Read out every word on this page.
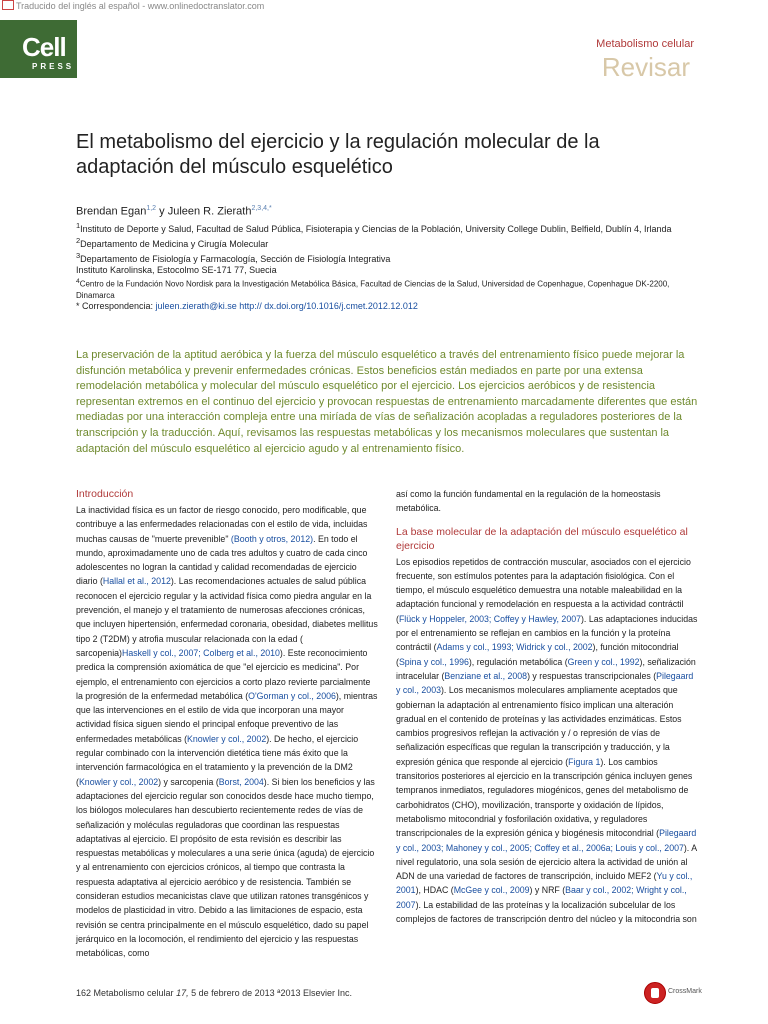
Traducido del inglés al español - www.onlinedoctranslator.com
Cell
PRESS
Metabolismo celular
Revisar
El metabolismo del ejercicio y la regulación molecular de la adaptación del músculo esquelético
Brendan Egan$^{1,2}$ y Juleen R. Zierath$^{2,3,4,*}$
$^1$Instituto de Deporte y Salud, Facultad de Salud Pública, Fisioterapia y Ciencias de la Población, University College Dublin, Belfield, Dublín 4, Irlanda
$^2$Departamento de Medicina y Cirugía Molecular
$^3$Departamento de Fisiología y Farmacología, Sección de Fisiología Integrativa
Instituto Karolinska, Estocolmo SE-171 77, Suecia
$^4$Centro de la Fundación Novo Nordisk para la Investigación Metabólica Básica, Facultad de Ciencias de la Salud, Universidad de Copenhague, Copenhague DK-2200, Dinamarca
* Correspondencia: juleen.zierath@ki.se http:// dx.doi.org/10.1016/j.cmet.2012.12.012
La preservación de la aptitud aeróbica y la fuerza del músculo esquelético a través del entrenamiento físico puede mejorar la disfunción metabólica y prevenir enfermedades crónicas. Estos beneficios están mediados en parte por una extensa remodelación metabólica y molecular del músculo esquelético por el ejercicio. Los ejercicios aeróbicos y de resistencia representan extremos en el continuo del ejercicio y provocan respuestas de entrenamiento marcadamente diferentes que están mediadas por una interacción compleja entre una miríada de vías de señalización acopladas a reguladores posteriores de la transcripción y la traducción. Aquí, revisamos las respuestas metabólicas y los mecanismos moleculares que sustentan la adaptación del músculo esquelético al ejercicio agudo y al entrenamiento físico.
Introducción

La inactividad física es un factor de riesgo conocido, pero modificable, que contribuye a las enfermedades relacionadas con el estilo de vida, incluidas muchas causas de "muerte prevenible" (Booth y otros, 2012). En todo el mundo, aproximadamente uno de cada tres adultos y cuatro de cada cinco adolescentes no logran la cantidad y calidad recomendadas de ejercicio diario (Hallal et al., 2012). Las recomendaciones actuales de salud pública reconocen el ejercicio regular y la actividad física como piedra angular en la prevención, el manejo y el tratamiento de numerosas afecciones crónicas, que incluyen hipertensión, enfermedad coronaria, obesidad, diabetes mellitus tipo 2 (T2DM) y atrofia muscular relacionada con la edad ( sarcopenia)Haskell y col., 2007; Colberg et al., 2010). Este reconocimiento predica la comprensión axiomática de que "el ejercicio es medicina". Por ejemplo, el entrenamiento con ejercicios a corto plazo revierte parcialmente la progresión de la enfermedad metabólica (O'Gorman y col., 2006), mientras que las intervenciones en el estilo de vida que incorporan una mayor actividad física siguen siendo el principal enfoque preventivo de las enfermedades metabólicas (Knowler y col., 2002). De hecho, el ejercicio regular combinado con la intervención dietética tiene más éxito que la intervención farmacológica en el tratamiento y la prevención de la DM2 (Knowler y col., 2002) y sarcopenia (Borst, 2004). Si bien los beneficios y las adaptaciones del ejercicio regular son conocidos desde hace mucho tiempo, los biólogos moleculares han descubierto recientemente redes de vías de señalización y moléculas reguladoras que coordinan las respuestas adaptativas al ejercicio. El propósito de esta revisión es describir las respuestas metabólicas y moleculares a una serie única (aguda) de ejercicio y al entrenamiento con ejercicios crónicos, al tiempo que contrasta la respuesta adaptativa al ejercicio aeróbico y de resistencia. También se consideran estudios mecanicistas clave que utilizan ratones transgénicos y modelos de plasticidad in vitro. Debido a las limitaciones de espacio, esta revisión se centra principalmente en el músculo esquelético, dado su papel jerárquico en la locomoción, el rendimiento del ejercicio y las respuestas metabólicas, como

así como la función fundamental en la regulación de la homeostasis metabólica.

La base molecular de la adaptación del músculo esquelético al ejercicio

Los episodios repetidos de contracción muscular, asociados con el ejercicio frecuente, son estímulos potentes para la adaptación fisiológica. Con el tiempo, el músculo esquelético demuestra una notable maleabilidad en la adaptación funcional y remodelación en respuesta a la actividad contráctil (Flück y Hoppeler, 2003; Coffey y Hawley, 2007). Las adaptaciones inducidas por el entrenamiento se reflejan en cambios en la función y la proteína contráctil (Adams y col., 1993; Widrick y col., 2002), función mitocondrial (Spina y col., 1996), regulación metabólica (Green y col., 1992), señalización intracelular (Benziane et al., 2008) y respuestas transcripcionales (Pilegaard y col., 2003). Los mecanismos moleculares ampliamente aceptados que gobiernan la adaptación al entrenamiento físico implican una alteración gradual en el contenido de proteínas y las actividades enzimáticas. Estos cambios progresivos reflejan la activación y / o represión de vías de señalización específicas que regulan la transcripción y traducción, y la expresión génica que responde al ejercicio (Figura 1). Los cambios transitorios posteriores al ejercicio en la transcripción génica incluyen genes tempranos inmediatos, reguladores miogénicos, genes del metabolismo de carbohidratos (CHO), movilización, transporte y oxidación de lípidos, metabolismo mitocondrial y fosforilación oxidativa, y reguladores transcripcionales de la expresión génica y biogénesis mitocondrial (Pilegaard y col., 2003; Mahoney y col., 2005; Coffey et al., 2006a; Louis y col., 2007). A nivel regulatorio, una sola sesión de ejercicio altera la actividad de unión al ADN de una variedad de factores de transcripción, incluido MEF2 (Yu y col., 2001), HDAC (McGee y col., 2009) y NRF (Baar y col., 2002; Wright y col., 2007). La estabilidad de las proteínas y la localización subcelular de los complejos de factores de transcripción dentro del núcleo y la mitocondria son

162 Metabolismo celular 17, 5 de febrero de 2013 ª2013 Elsevier Inc.	CrossMark
